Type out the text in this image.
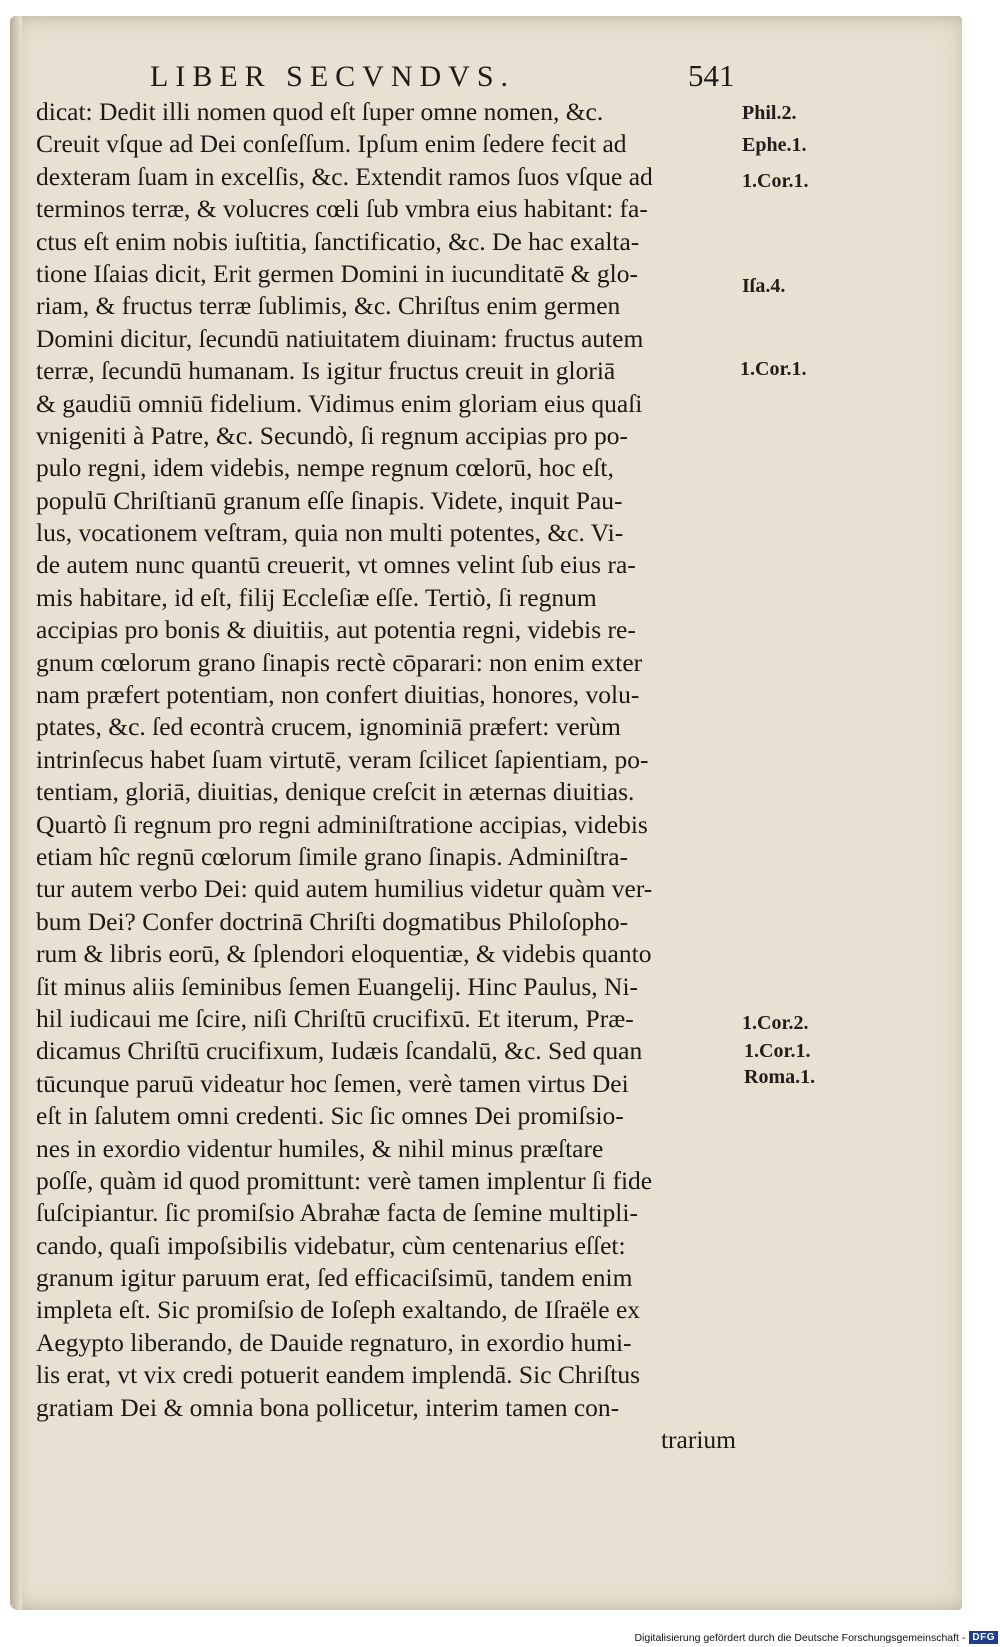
LIBER SECVNDVS.	541
dicat: Dedit illi nomen quod eſt ſuper omne nomen, &c.
Creuit vſque ad Dei conſeſſum. Ipſum enim ſedere fecit ad
dexteram ſuam in excelſis, &c. Extendit ramos ſuos vſque ad
terminos terræ, & volucres cœli ſub vmbra eius habitant: fa-
ctus eſt enim nobis iuſtitia, ſanctificatio, &c. De hac exalta-
tione Iſaias dicit, Erit germen Domini in iucunditatē & glo-
riam, & fructus terræ ſublimis, &c. Chriſtus enim germen
Domini dicitur, ſecundū natiuitatem diuinam: fructus autem
terræ, ſecundū humanam. Is igitur fructus creuit in gloriā
& gaudiū omniū fidelium. Vidimus enim gloriam eius quaſi
vnigeniti à Patre, &c. Secundò, ſi regnum accipias pro po-
pulo regni, idem videbis, nempe regnum cœlorū, hoc eſt,
populū Chriſtianū granum eſſe ſinapis. Videte, inquit Pau-
lus, vocationem veſtram, quia non multi potentes, &c. Vi-
de autem nunc quantū creuerit, vt omnes velint ſub eius ra-
mis habitare, id eſt, filij Eccleſiæ eſſe. Tertiò, ſi regnum
accipias pro bonis & diuitiis, aut potentia regni, videbis re-
gnum cœlorum grano ſinapis rectè cōparari: non enim exter
nam præfert potentiam, non confert diuitias, honores, volu-
ptates, &c. ſed econtrà crucem, ignominiā præfert: verùm
intrinſecus habet ſuam virtutē, veram ſcilicet ſapientiam, po-
tentiam, gloriā, diuitias, denique creſcit in æternas diuitias.
Quartò ſi regnum pro regni adminiſtratione accipias, videbis
etiam hîc regnū cœlorum ſimile grano ſinapis. Adminiſtra-
tur autem verbo Dei: quid autem humilius videtur quàm ver-
bum Dei? Confer doctrinā Chriſti dogmatibus Philoſopho-
rum & libris eorū, & ſplendori eloquentiæ, & videbis quanto
ſit minus aliis ſeminibus ſemen Euangelij. Hinc Paulus, Ni-
hil iudicaui me ſcire, niſi Chriſtū crucifixū. Et iterum, Præ-
dicamus Chriſtū crucifixum, Iudæis ſcandalū, &c. Sed quan
tūcunque paruū videatur hoc ſemen, verè tamen virtus Dei
eſt in ſalutem omni credenti. Sic ſic omnes Dei promiſsio-
nes in exordio videntur humiles, & nihil minus præſtare
poſſe, quàm id quod promittunt: verè tamen implentur ſi fide
ſuſcipiantur. ſic promiſsio Abrahæ facta de ſemine multipli-
cando, quaſi impoſsibilis videbatur, cùm centenarius eſſet:
granum igitur paruum erat, ſed efficaciſsimū, tandem enim
impleta eſt. Sic promiſsio de Ioſeph exaltando, de Iſraële ex
Aegypto liberando, de Dauide regnaturo, in exordio humi-
lis erat, vt vix credi potuerit eandem implendā. Sic Chriſtus
gratiam Dei & omnia bona pollicetur, interim tamen con-
trarium
Phil.2.
Ephe.1.
1.Cor.1.
Iſa.4.
1.Cor.1.
1.Cor.2.
1.Cor.1.
Roma.1.
Digitalisierung gefördert durch die Deutsche Forschungsgemeinschaft - DFG
